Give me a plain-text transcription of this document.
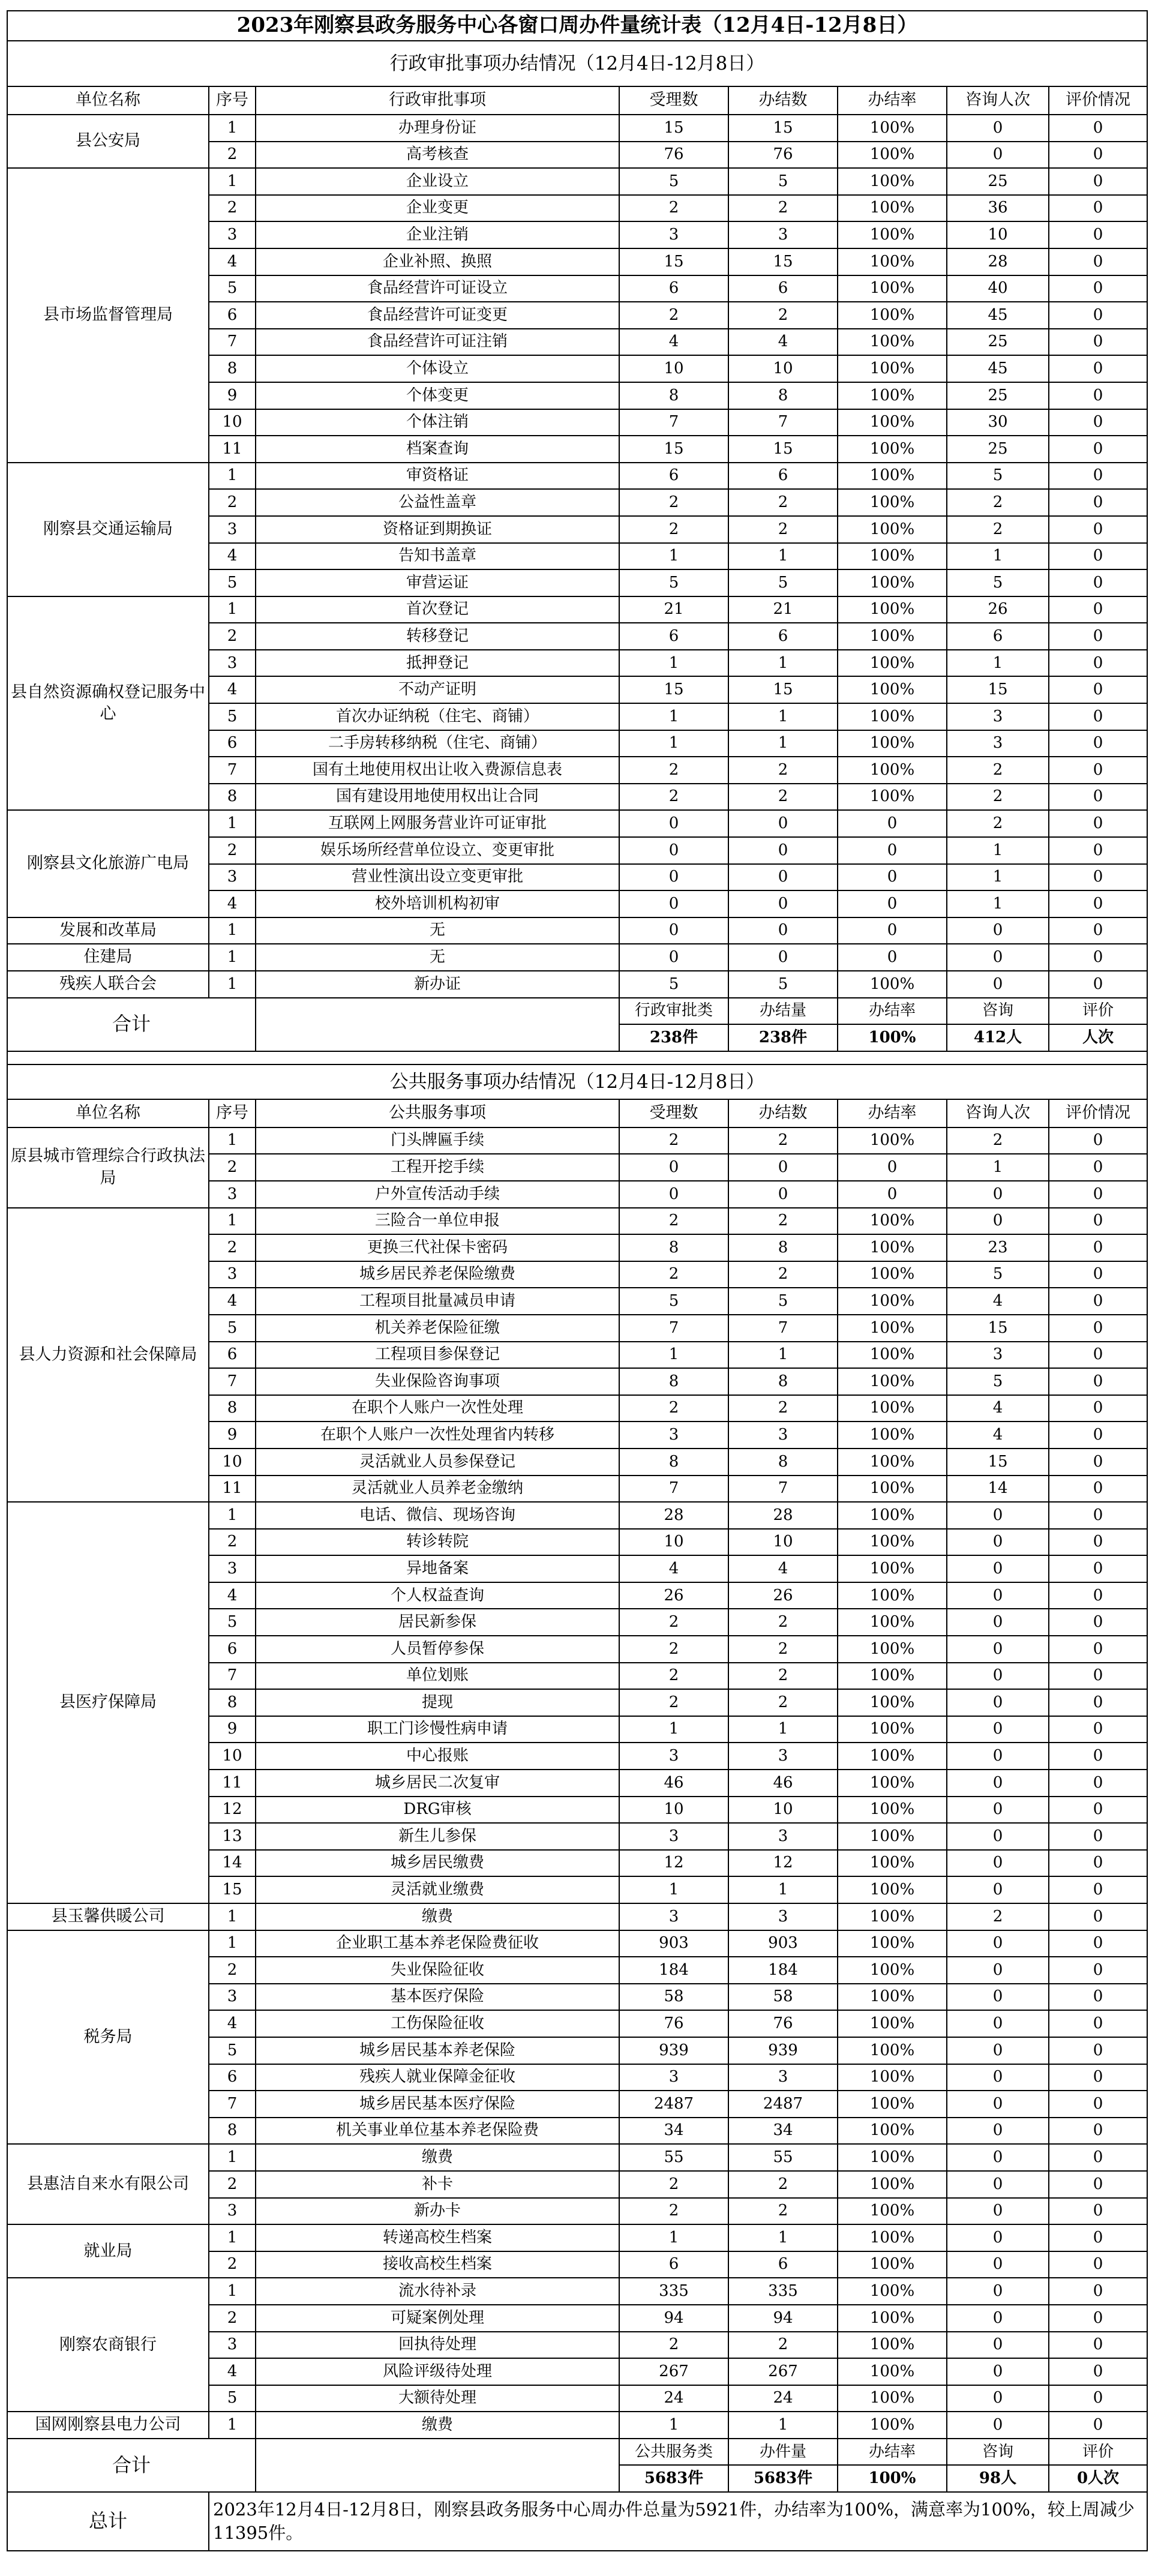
2023年刚察县政务服务中心各窗口周办件量统计表（12月4日-12月8日）							
行政审批事项办结情况（12月4日-12月8日）							
单位名称	序号	行政审批事项	受理数	办结数	办结率	咨询人次	评价情况
县公安局	1	办理身份证	15	15	100%	0	0
	2	高考核查	76	76	100%	0	0
县市场监督管理局	1	企业设立	5	5	100%	25	0
	2	企业变更	2	2	100%	36	0
	3	企业注销	3	3	100%	10	0
	4	企业补照、换照	15	15	100%	28	0
	5	食品经营许可证设立	6	6	100%	40	0
	6	食品经营许可证变更	2	2	100%	45	0
	7	食品经营许可证注销	4	4	100%	25	0
	8	个体设立	10	10	100%	45	0
	9	个体变更	8	8	100%	25	0
	10	个体注销	7	7	100%	30	0
	11	档案查询	15	15	100%	25	0
刚察县交通运输局	1	审资格证	6	6	100%	5	0
	2	公益性盖章	2	2	100%	2	0
	3	资格证到期换证	2	2	100%	2	0
	4	告知书盖章	1	1	100%	1	0
	5	审营运证	5	5	100%	5	0
县自然资源确权登记服务中心	1	首次登记	21	21	100%	26	0
	2	转移登记	6	6	100%	6	0
	3	抵押登记	1	1	100%	1	0
	4	不动产证明	15	15	100%	15	0
	5	首次办证纳税（住宅、商铺）	1	1	100%	3	0
	6	二手房转移纳税（住宅、商铺）	1	1	100%	3	0
	7	国有土地使用权出让收入费源信息表	2	2	100%	2	0
	8	国有建设用地使用权出让合同	2	2	100%	2	0
刚察县文化旅游广电局	1	互联网上网服务营业许可证审批	0	0	0	2	0
	2	娱乐场所经营单位设立、变更审批	0	0	0	1	0
	3	营业性演出设立变更审批	0	0	0	1	0
	4	校外培训机构初审	0	0	0	1	0
发展和改革局	1	无	0	0	0	0	0
住建局	1	无	0	0	0	0	0
残疾人联合会	1	新办证	5	5	100%	0	0
合计			行政审批类	办结量	办结率	咨询	评价
			238件	238件	100%	412人	人次

公共服务事项办结情况（12月4日-12月8日）							
单位名称	序号	公共服务事项	受理数	办结数	办结率	咨询人次	评价情况
原县城市管理综合行政执法局	1	门头牌匾手续	2	2	100%	2	0
	2	工程开挖手续	0	0	0	1	0
	3	户外宣传活动手续	0	0	0	0	0
县人力资源和社会保障局	1	三险合一单位申报	2	2	100%	0	0
	2	更换三代社保卡密码	8	8	100%	23	0
	3	城乡居民养老保险缴费	2	2	100%	5	0
	4	工程项目批量减员申请	5	5	100%	4	0
	5	机关养老保险征缴	7	7	100%	15	0
	6	工程项目参保登记	1	1	100%	3	0
	7	失业保险咨询事项	8	8	100%	5	0
	8	在职个人账户一次性处理	2	2	100%	4	0
	9	在职个人账户一次性处理省内转移	3	3	100%	4	0
	10	灵活就业人员参保登记	8	8	100%	15	0
	11	灵活就业人员养老金缴纳	7	7	100%	14	0
县医疗保障局	1	电话、微信、现场咨询	28	28	100%	0	0
	2	转诊转院	10	10	100%	0	0
	3	异地备案	4	4	100%	0	0
	4	个人权益查询	26	26	100%	0	0
	5	居民新参保	2	2	100%	0	0
	6	人员暂停参保	2	2	100%	0	0
	7	单位划账	2	2	100%	0	0
	8	提现	2	2	100%	0	0
	9	职工门诊慢性病申请	1	1	100%	0	0
	10	中心报账	3	3	100%	0	0
	11	城乡居民二次复审	46	46	100%	0	0
	12	DRG审核	10	10	100%	0	0
	13	新生儿参保	3	3	100%	0	0
	14	城乡居民缴费	12	12	100%	0	0
	15	灵活就业缴费	1	1	100%	0	0
县玉馨供暖公司	1	缴费	3	3	100%	2	0
税务局	1	企业职工基本养老保险费征收	903	903	100%	0	0
	2	失业保险征收	184	184	100%	0	0
	3	基本医疗保险	58	58	100%	0	0
	4	工伤保险征收	76	76	100%	0	0
	5	城乡居民基本养老保险	939	939	100%	0	0
	6	残疾人就业保障金征收	3	3	100%	0	0
	7	城乡居民基本医疗保险	2487	2487	100%	0	0
	8	机关事业单位基本养老保险费	34	34	100%	0	0
县惠洁自来水有限公司	1	缴费	55	55	100%	0	0
	2	补卡	2	2	100%	0	0
	3	新办卡	2	2	100%	0	0
就业局	1	转递高校生档案	1	1	100%	0	0
	2	接收高校生档案	6	6	100%	0	0
刚察农商银行	1	流水待补录	335	335	100%	0	0
	2	可疑案例处理	94	94	100%	0	0
	3	回执待处理	2	2	100%	0	0
	4	风险评级待处理	267	267	100%	0	0
	5	大额待处理	24	24	100%	0	0
国网刚察县电力公司	1	缴费	1	1	100%	0	0
合计			公共服务类	办件量	办结率	咨询	评价
			5683件	5683件	100%	98人	0人次
总计	2023年12月4日-12月8日，刚察县政务服务中心周办件总量为5921件，办结率为100%，满意率为100%，较上周减少11395件。						
